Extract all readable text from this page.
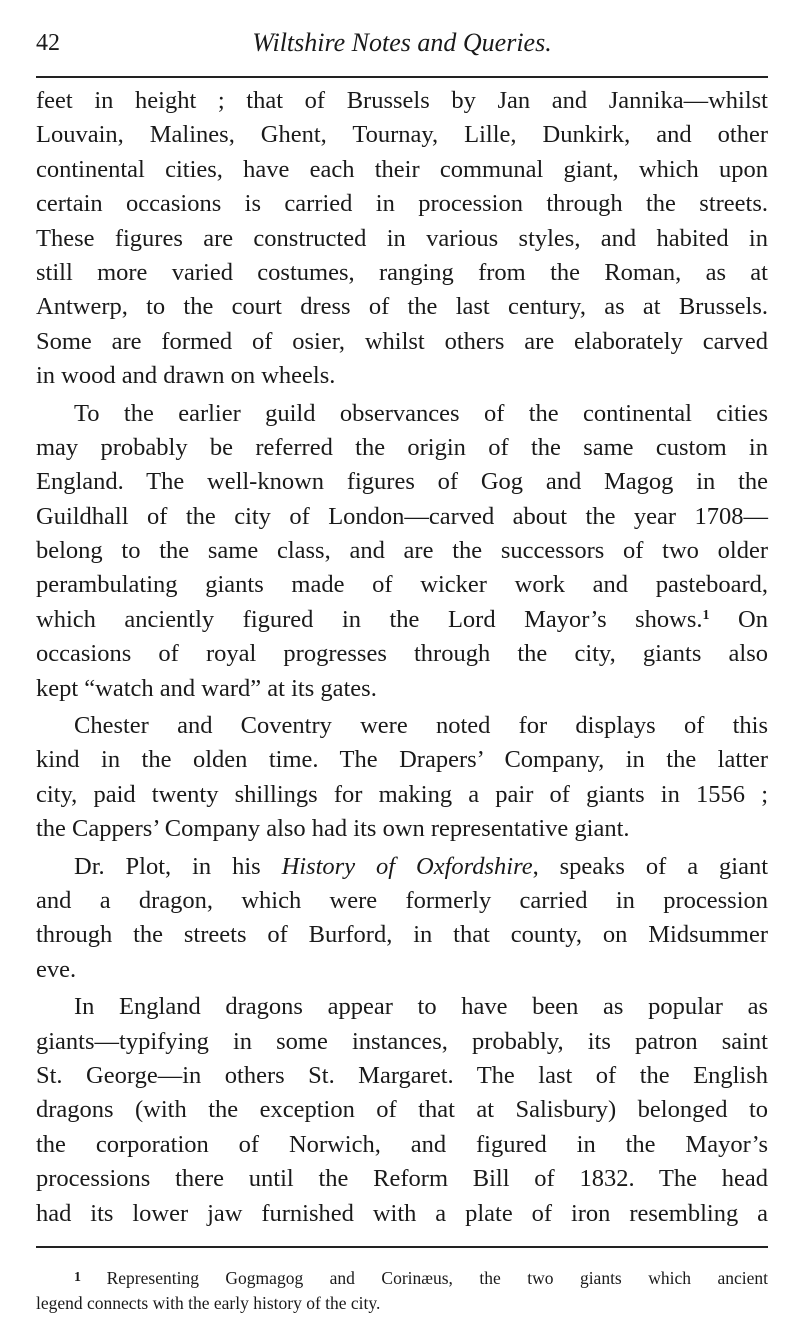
42	Wiltshire Notes and Queries.
feet in height ; that of Brussels by Jan and Jannika—whilst
Louvain, Malines, Ghent, Tournay, Lille, Dunkirk, and other
continental cities, have each their communal giant, which upon
certain occasions is carried in procession through the streets.
These figures are constructed in various styles, and habited in
still more varied costumes, ranging from the Roman, as at
Antwerp, to the court dress of the last century, as at Brussels.
Some are formed of osier, whilst others are elaborately carved
in wood and drawn on wheels.
To the earlier guild observances of the continental cities
may probably be referred the origin of the same custom in
England. The well-known figures of Gog and Magog in the
Guildhall of the city of London—carved about the year 1708—
belong to the same class, and are the successors of two older
perambulating giants made of wicker work and pasteboard,
which anciently figured in the Lord Mayor’s shows.$^1$ On
occasions of royal progresses through the city, giants also
kept “watch and ward” at its gates.
Chester and Coventry were noted for displays of this
kind in the olden time. The Drapers’ Company, in the latter
city, paid twenty shillings for making a pair of giants in 1556 ;
the Cappers’ Company also had its own representative giant.
Dr. Plot, in his History of Oxfordshire, speaks of a giant
and a dragon, which were formerly carried in procession
through the streets of Burford, in that county, on Midsummer
eve.
In England dragons appear to have been as popular as
giants—typifying in some instances, probably, its patron saint
St. George—in others St. Margaret. The last of the English
dragons (with the exception of that at Salisbury) belonged to
the corporation of Norwich, and figured in the Mayor’s
processions there until the Reform Bill of 1832. The head
had its lower jaw furnished with a plate of iron resembling a
1 Representing Gogmagog and Corinæus, the two giants which ancient
legend connects with the early history of the city.
